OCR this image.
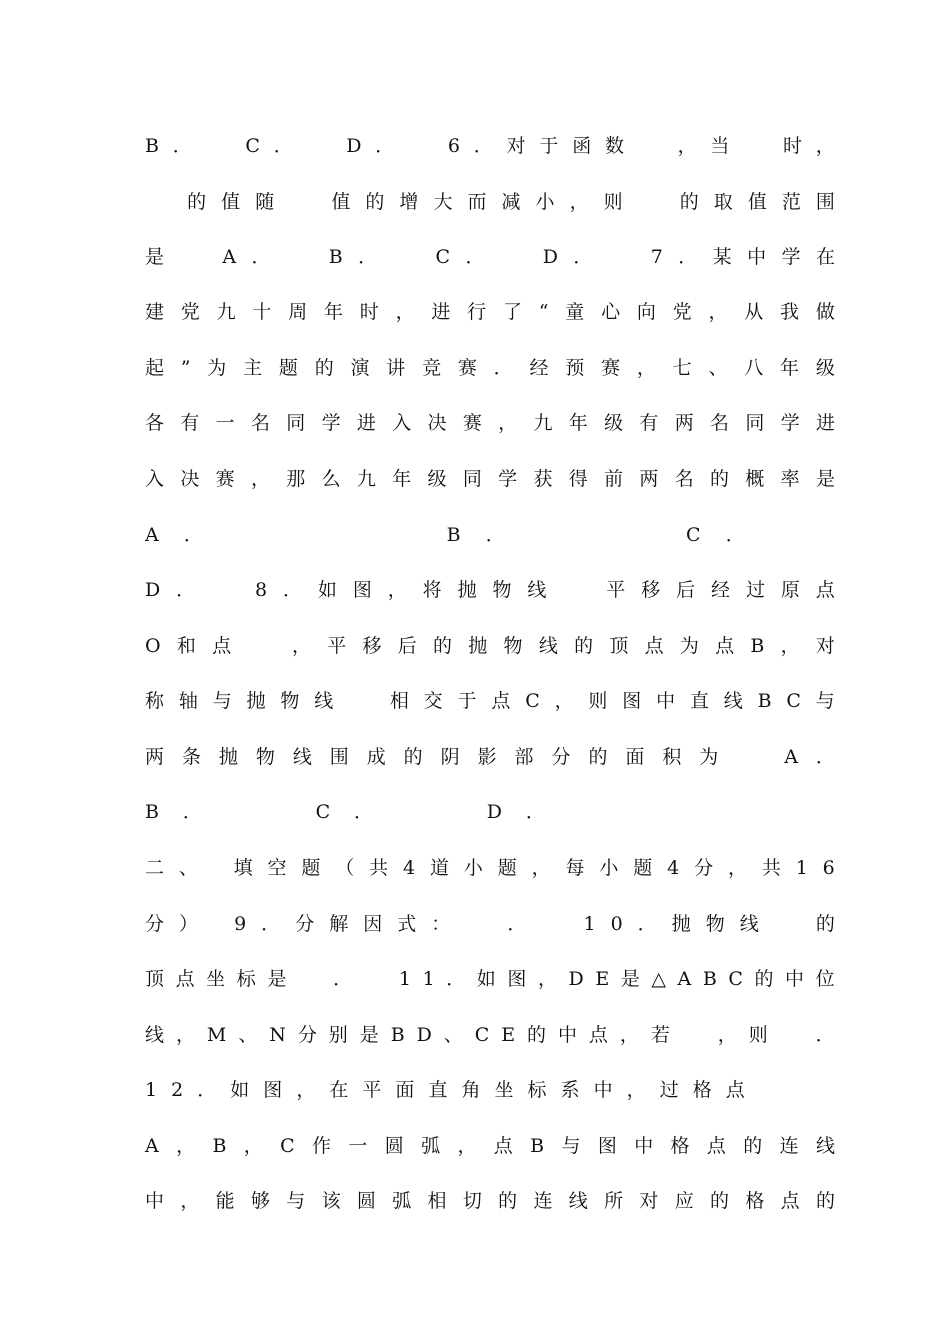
B ．

	C ．

	D ．

	6 ． 对 于 函 数

	， 当

	时 ，

的 值 随

	值 的 增 大 而 减 小 ， 则

	的 取 值 范 围
是

	A ．

	B ．

	C ．

	D ．

	7 ． 某 中 学 在
建 党 九 十 周 年 时 ， 进 行 了 “ 童 心 向 党 ， 从 我 做
起 ” 为 主 题 的 演 讲 竞 赛 ． 经 预 赛 ， 七 、 八 年 级
各 有 一 名 同 学 进 入 决 赛 ， 九 年 级 有 两 名 同 学 进
入 决 赛 ， 那 么 九 年 级 同 学 获 得 前 两 名 的 概 率 是
A ．

	B ．

	C ．
D ．

	8 ． 如 图 ， 将 抛 物 线

	平 移 后 经 过 原 点
O 和 点

	， 平 移 后 的 抛 物 线 的 顶 点 为 点 B ， 对
称 轴 与 抛 物 线

	相 交 于 点 C ， 则 图 中 直 线 B C 与
两 条 抛 物 线 围 成 的 阴 影 部 分 的 面 积 为

	A ．
B ．

	C ．

	D ．
二 、
填 空 题 （ 共 4 道 小 题 ， 每 小 题 4 分 ， 共 1 6
分 ）
9 ． 分 解 因 式 ：

	．

	1 0 ． 抛 物 线

	的
顶 点 坐 标 是

．

1 1 ． 如 图 ， D E 是 △ A B C 的 中 位
线 ， M 、 N 分 别 是 B D 、 C E 的 中 点 ， 若

	， 则

	．
1 2 ． 如 图 ， 在 平 面 直 角 坐 标 系 中 ， 过 格 点
A ， B ， C 作 一 圆 弧 ， 点 B 与 图 中 格 点 的 连 线
中 ， 能 够 与 该 圆 弧 相 切 的 连 线 所 对 应 的 格 点 的
